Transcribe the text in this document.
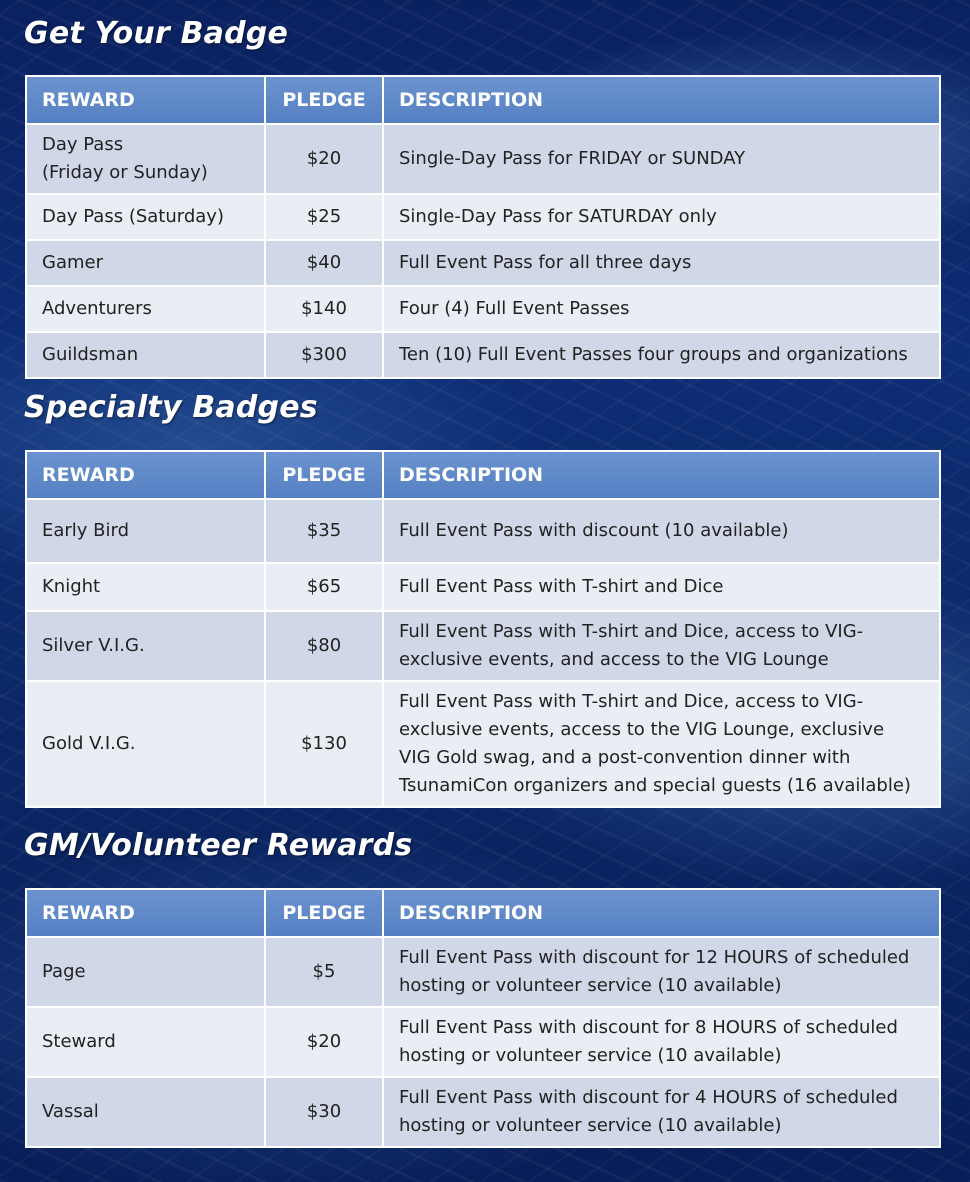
Get Your Badge
REWARD	PLEDGE	DESCRIPTION
Day Pass
(Friday or Sunday)	$20	Single-Day Pass for FRIDAY or SUNDAY
Day Pass (Saturday)	$25	Single-Day Pass for SATURDAY only
Gamer	$40	Full Event Pass for all three days
Adventurers	$140	Four (4) Full Event Passes
Guildsman	$300	Ten (10) Full Event Passes four groups and organizations
Specialty Badges
REWARD	PLEDGE	DESCRIPTION
Early Bird	$35	Full Event Pass with discount (10 available)
Knight	$65	Full Event Pass with T-shirt and Dice
Silver V.I.G.	$80	Full Event Pass with T-shirt and Dice, access to VIG-
exclusive events, and access to the VIG Lounge
Gold V.I.G.	$130	Full Event Pass with T-shirt and Dice, access to VIG-
exclusive events, access to the VIG Lounge, exclusive
VIG Gold swag, and a post-convention dinner with
TsunamiCon organizers and special guests (16 available)
GM/Volunteer Rewards
REWARD	PLEDGE	DESCRIPTION
Page	$5	Full Event Pass with discount for 12 HOURS of scheduled
hosting or volunteer service (10 available)
Steward	$20	Full Event Pass with discount for 8 HOURS of scheduled
hosting or volunteer service (10 available)
Vassal	$30	Full Event Pass with discount for 4 HOURS of scheduled
hosting or volunteer service (10 available)
